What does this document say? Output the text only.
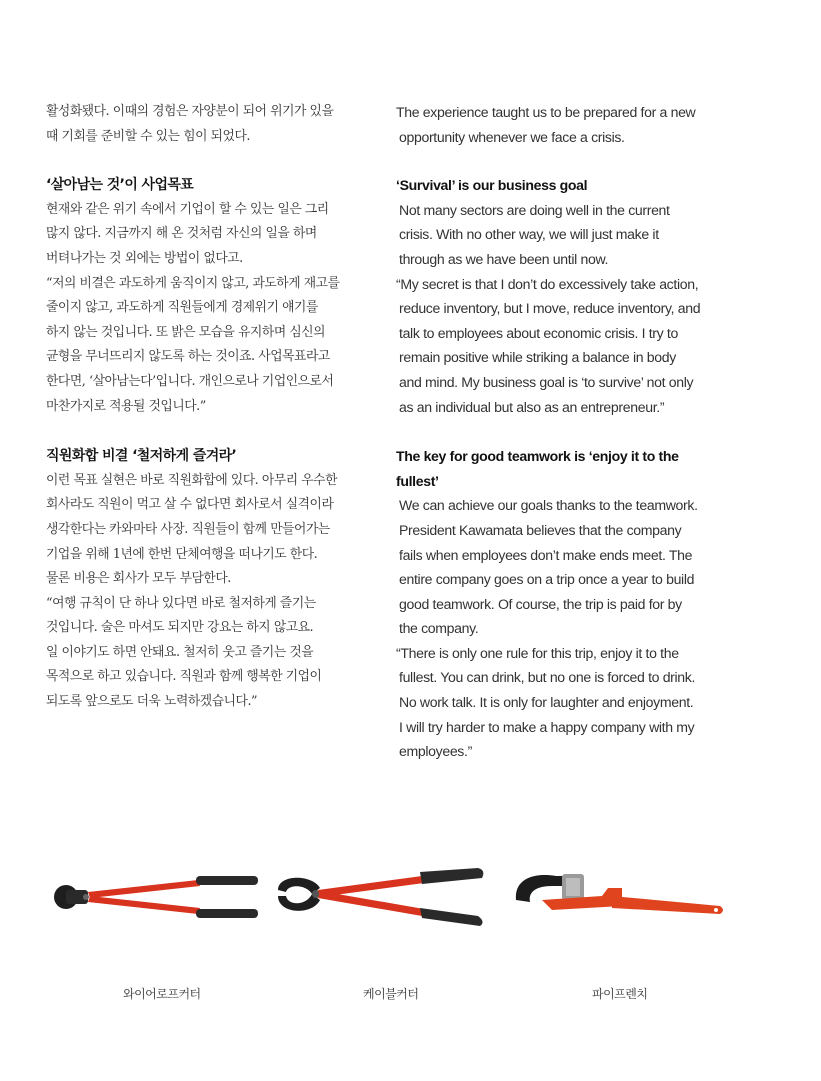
활성화됐다. 이때의 경험은 자양분이 되어 위기가 있을

때 기회를 준비할 수 있는 힘이 되었다.

‘살아남는 것’이 사업목표

현재와 같은 위기 속에서 기업이 할 수 있는 일은 그리

많지 않다. 지금까지 해 온 것처럼 자신의 일을 하며

버텨나가는 것 외에는 방법이 없다고.

“저의 비결은 과도하게 움직이지 않고, 과도하게 재고를

줄이지 않고, 과도하게 직원들에게 경제위기 얘기를

하지 않는 것입니다. 또 밝은 모습을 유지하며 심신의

균형을 무너뜨리지 않도록 하는 것이죠. 사업목표라고

한다면, ‘살아남는다’입니다. 개인으로나 기업인으로서

마찬가지로 적용될 것입니다.”

직원화합 비결 ‘철저하게 즐겨라’

이런 목표 실현은 바로 직원화합에 있다. 아무리 우수한

회사라도 직원이 먹고 살 수 없다면 회사로서 실격이라

생각한다는 카와마타 사장. 직원들이 함께 만들어가는

기업을 위해 1년에 한번 단체여행을 떠나기도 한다.

물론 비용은 회사가 모두 부담한다.

“여행 규칙이 단 하나 있다면 바로 철저하게 즐기는

것입니다. 술은 마셔도 되지만 강요는 하지 않고요.

일 이야기도 하면 안돼요. 철저히 웃고 즐기는 것을

목적으로 하고 있습니다. 직원과 함께 행복한 기업이

되도록 앞으로도 더욱 노력하겠습니다.”

The experience taught us to be prepared for a new

opportunity whenever we face a crisis.

‘Survival’ is our business goal

Not many sectors are doing well in the current

crisis. With no other way, we will just make it

through as we have been until now.

“My secret is that I don’t do excessively take action,

reduce inventory, but I move, reduce inventory, and

talk to employees about economic crisis. I try to

remain positive while striking a balance in body

and mind. My business goal is ‘to survive’ not only

as an individual but also as an entrepreneur.”

The key for good teamwork is ‘enjoy it to the
fullest’

We can achieve our goals thanks to the teamwork.

President Kawamata believes that the company

fails when employees don’t make ends meet. The

entire company goes on a trip once a year to build

good teamwork. Of course, the trip is paid for by

the company.

“There is only one rule for this trip, enjoy it to the

fullest. You can drink, but no one is forced to drink.

No work talk. It is only for laughter and enjoyment.

I will try harder to make a happy company with my

employees.”

와이어로프커터	케이블커터	파이프렌치
